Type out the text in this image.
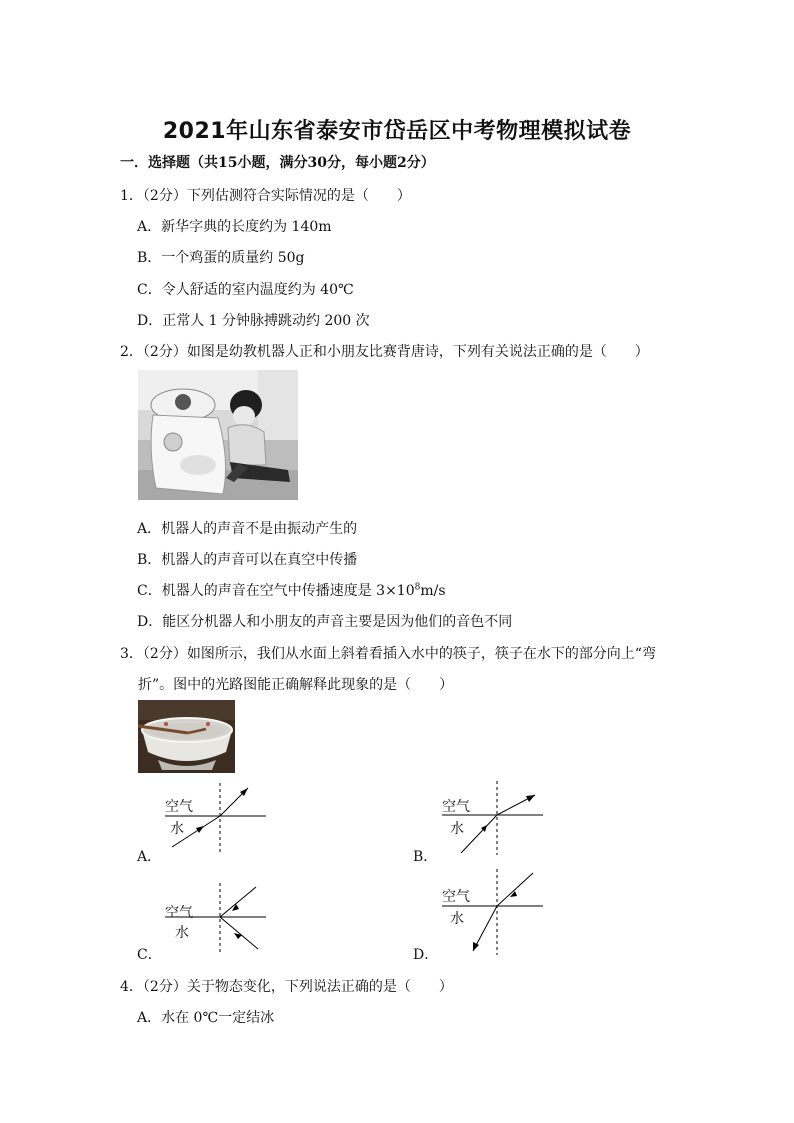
2021年山东省泰安市岱岳区中考物理模拟试卷
一．选择题（共15小题，满分30分，每小题2分）
1．（2分）下列估测符合实际情况的是（　　）
A．新华字典的长度约为 140m
B．一个鸡蛋的质量约 50g
C．令人舒适的室内温度约为 40℃
D．正常人 1 分钟脉搏跳动约 200 次
2．（2分）如图是幼教机器人正和小朋友比赛背唐诗，下列有关说法正确的是（　　）
A．机器人的声音不是由振动产生的
B．机器人的声音可以在真空中传播
C．机器人的声音在空气中传播速度是 $3\times 10^8m/s$
D．能区分机器人和小朋友的声音主要是因为他们的音色不同
3．（2分）如图所示，我们从水面上斜着看插入水中的筷子，筷子在水下的部分向上“弯
折”。图中的光路图能正确解释此现象的是（　　）
空气
水
A．
空气
水
B．
空气
水
C．
空气
水
D．
4．（2分）关于物态变化，下列说法正确的是（　　）
A．水在 0℃一定结冰
